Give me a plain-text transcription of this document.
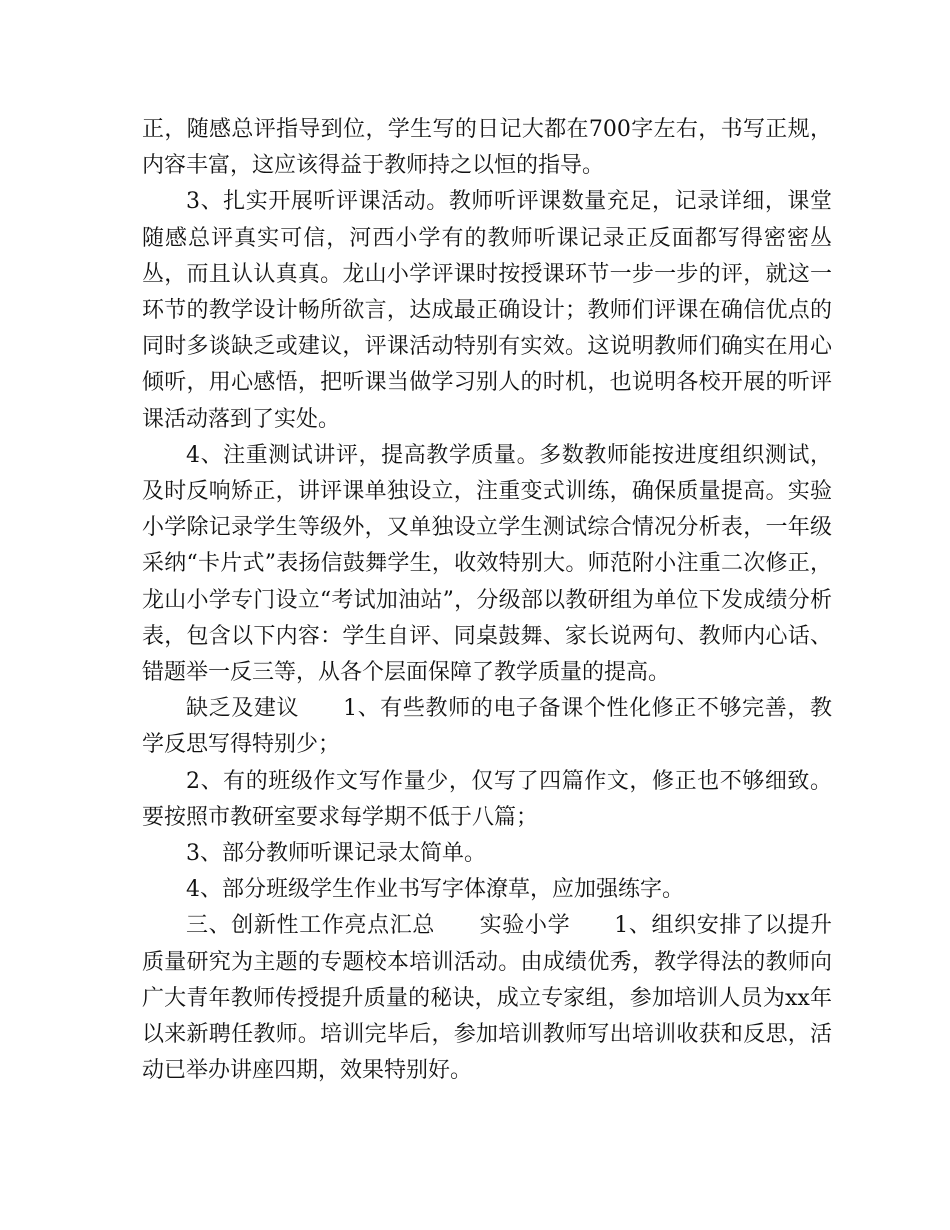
正，随感总评指导到位，学生写的日记大都在700字左右，书写正规，内容丰富，这应该得益于教师持之以恒的指导。

3、扎实开展听评课活动。教师听评课数量充足，记录详细，课堂随感总评真实可信，河西小学有的教师听课记录正反面都写得密密丛丛，而且认认真真。龙山小学评课时按授课环节一步一步的评，就这一环节的教学设计畅所欲言，达成最正确设计；教师们评课在确信优点的同时多谈缺乏或建议，评课活动特别有实效。这说明教师们确实在用心倾听，用心感悟，把听课当做学习别人的时机，也说明各校开展的听评课活动落到了实处。

4、注重测试讲评，提高教学质量。多数教师能按进度组织测试，及时反响矫正，讲评课单独设立，注重变式训练，确保质量提高。实验小学除记录学生等级外，又单独设立学生测试综合情况分析表，一年级采纳“卡片式”表扬信鼓舞学生，收效特别大。师范附小注重二次修正，龙山小学专门设立“考试加油站”，分级部以教研组为单位下发成绩分析表，包含以下内容：学生自评、同桌鼓舞、家长说两句、教师内心话、错题举一反三等，从各个层面保障了教学质量的提高。

缺乏及建议 1、有些教师的电子备课个性化修正不够完善，教学反思写得特别少；

2、有的班级作文写作量少，仅写了四篇作文，修正也不够细致。要按照市教研室要求每学期不低于八篇；

3、部分教师听课记录太简单。

4、部分班级学生作业书写字体潦草，应加强练字。

三、创新性工作亮点汇总 实验小学 1、组织安排了以提升质量研究为主题的专题校本培训活动。由成绩优秀，教学得法的教师向广大青年教师传授提升质量的秘诀，成立专家组，参加培训人员为xx年以来新聘任教师。培训完毕后，参加培训教师写出培训收获和反思，活动已举办讲座四期，效果特别好。
